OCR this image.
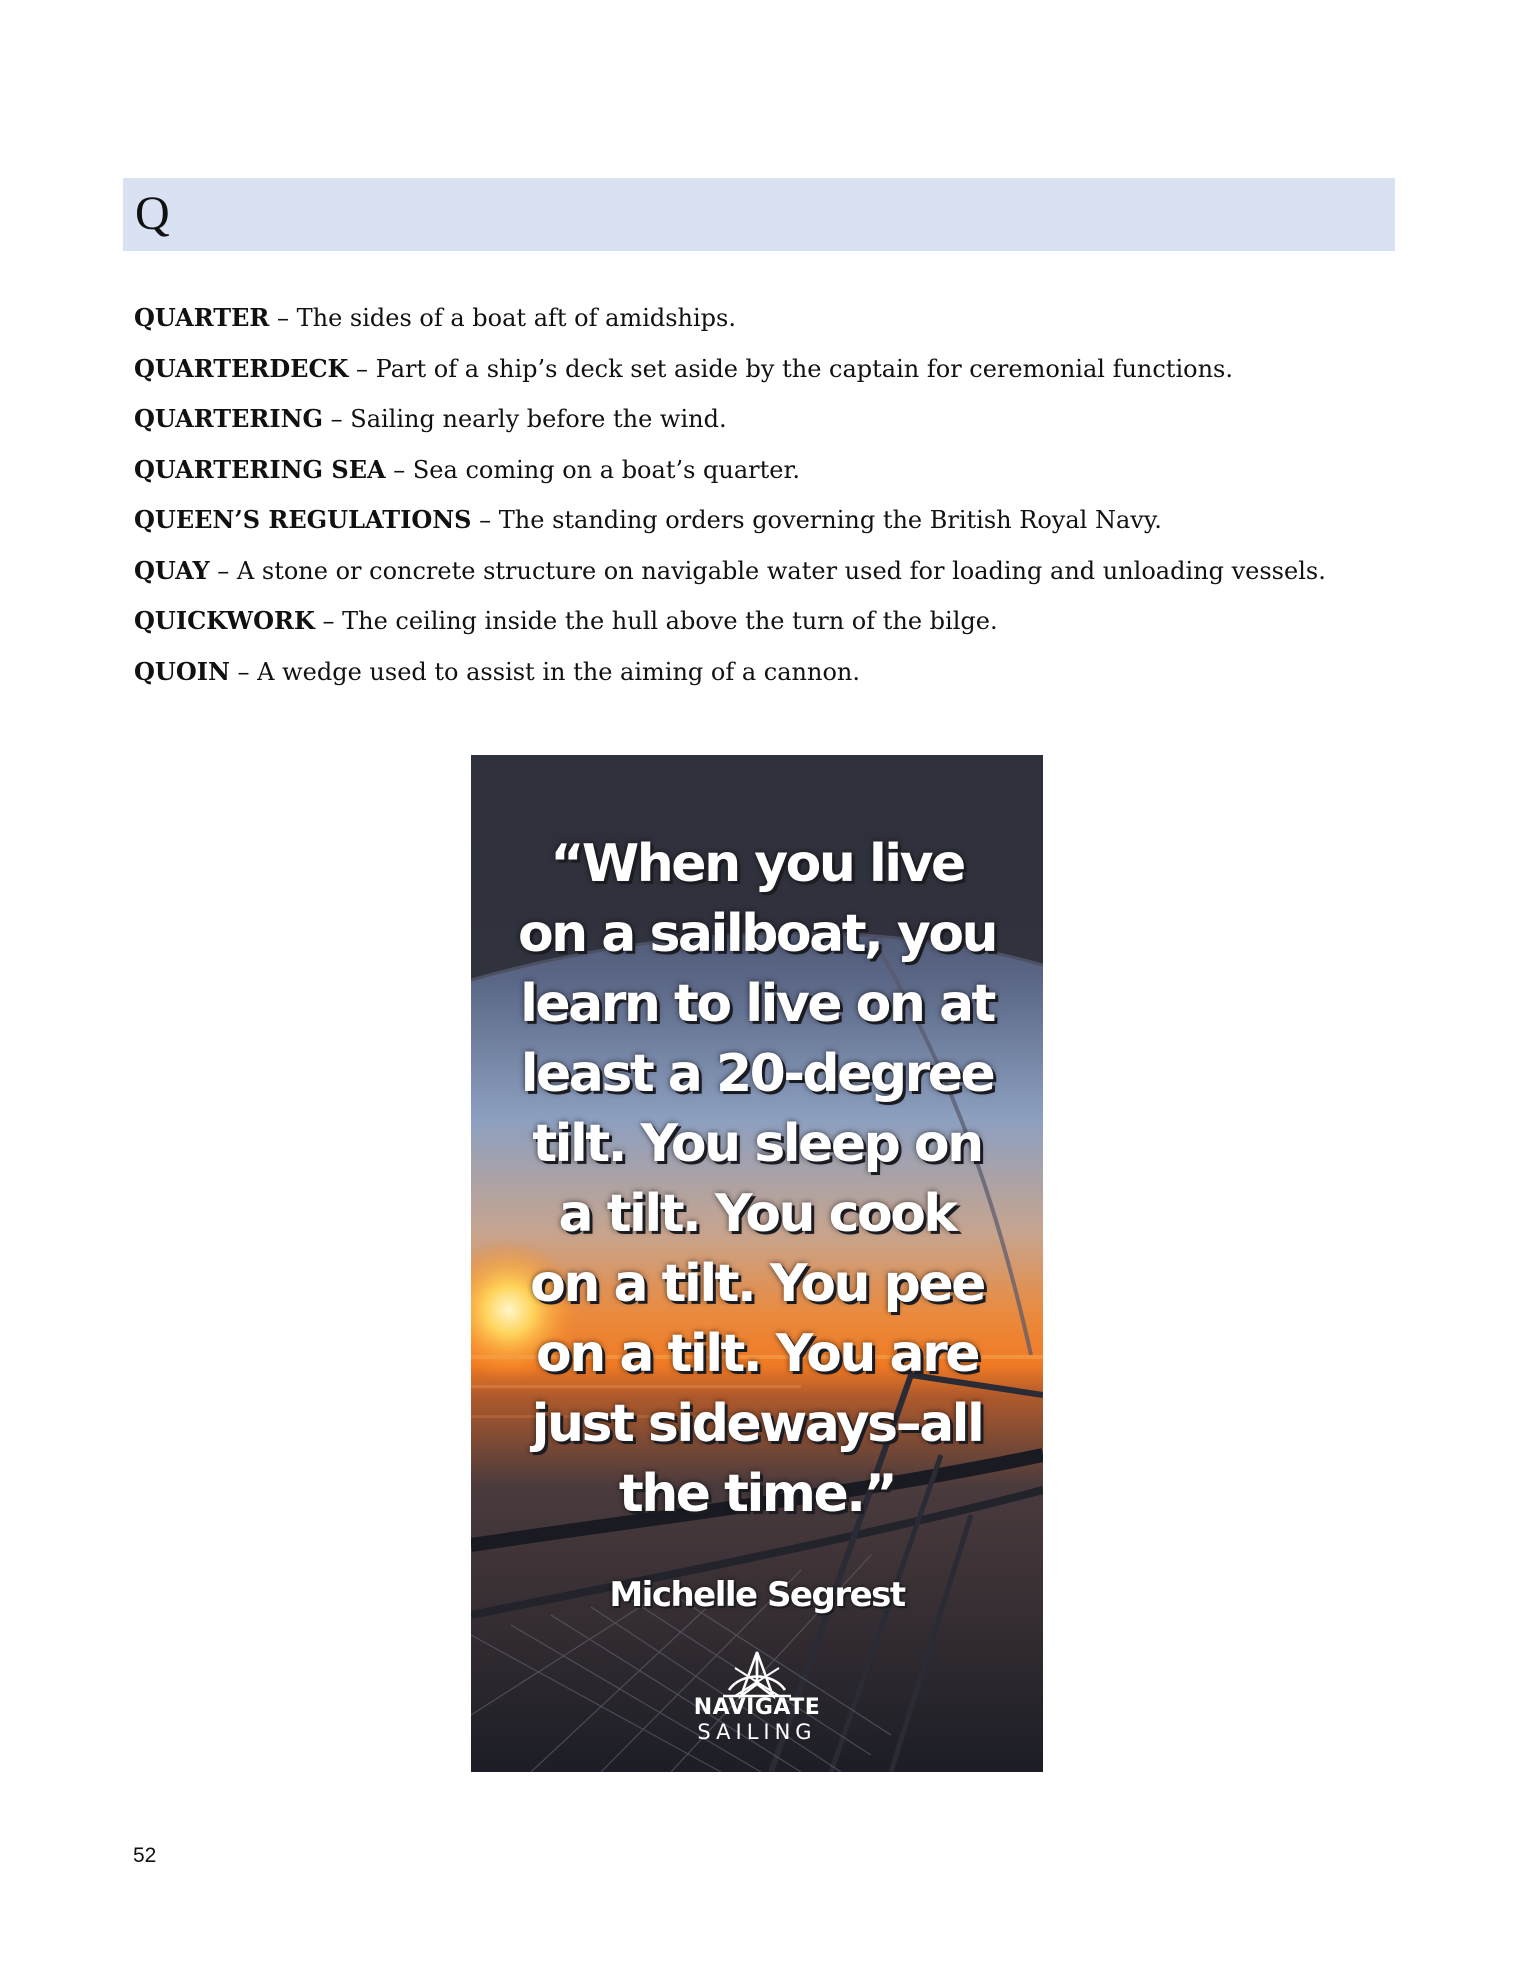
Q
QUARTER – The sides of a boat aft of amidships.
QUARTERDECK – Part of a ship’s deck set aside by the captain for ceremonial functions.
QUARTERING – Sailing nearly before the wind.
QUARTERING SEA – Sea coming on a boat’s quarter.
QUEEN’S REGULATIONS – The standing orders governing the British Royal Navy.
QUAY – A stone or concrete structure on navigable water used for loading and unloading vessels.
QUICKWORK – The ceiling inside the hull above the turn of the bilge.
QUOIN – A wedge used to assist in the aiming of a cannon.

“When you live
on a sailboat, you
learn to live on at
least a 20-degree
tilt. You sleep on
a tilt. You cook
on a tilt. You pee
on a tilt. You are
just sideways–all
the time.”

Michelle Segrest
NAVIGATE
SAILING
52
